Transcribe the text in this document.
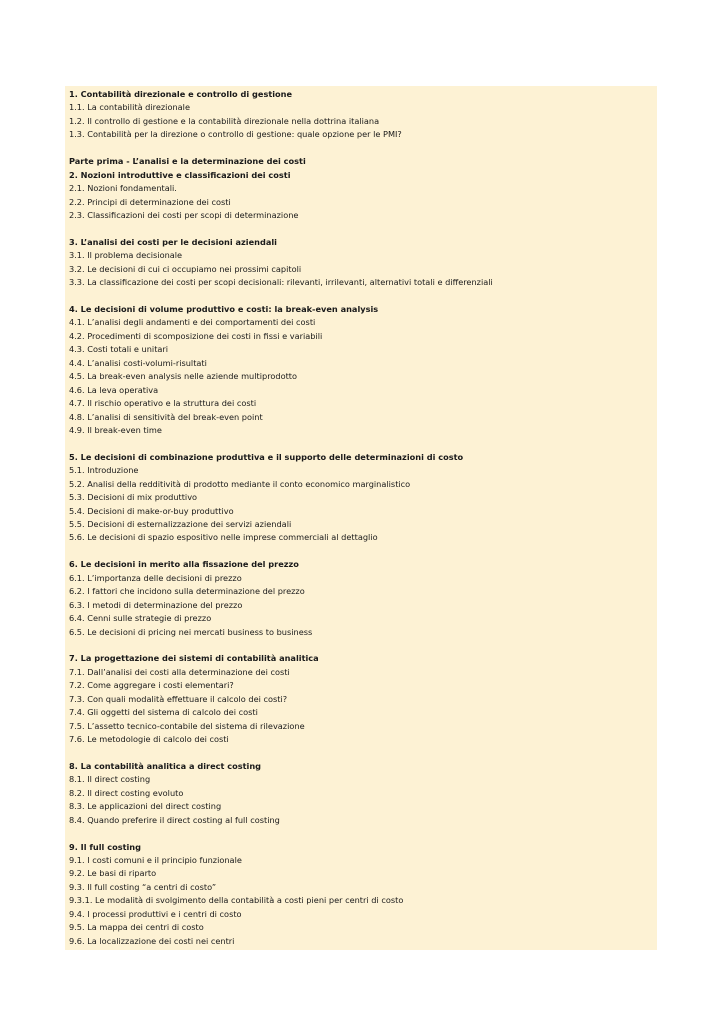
1. Contabilità direzionale e controllo di gestione
1.1. La contabilità direzionale
1.2. Il controllo di gestione e la contabilità direzionale nella dottrina italiana
1.3. Contabilità per la direzione o controllo di gestione: quale opzione per le PMI?
Parte prima - L’analisi e la determinazione dei costi
2. Nozioni introduttive e classificazioni dei costi
2.1. Nozioni fondamentali.
2.2. Principi di determinazione dei costi
2.3. Classificazioni dei costi per scopi di determinazione
3. L’analisi dei costi per le decisioni aziendali
3.1. Il problema decisionale
3.2. Le decisioni di cui ci occupiamo nei prossimi capitoli
3.3. La classificazione dei costi per scopi decisionali: rilevanti, irrilevanti, alternativi totali e differenziali
4. Le decisioni di volume produttivo e costi: la break-even analysis
4.1. L’analisi degli andamenti e dei comportamenti dei costi
4.2. Procedimenti di scomposizione dei costi in fissi e variabili
4.3. Costi totali e unitari
4.4. L’analisi costi-volumi-risultati
4.5. La break-even analysis nelle aziende multiprodotto
4.6. La leva operativa
4.7. Il rischio operativo e la struttura dei costi
4.8. L’analisi di sensitività del break-even point
4.9. Il break-even time
5. Le decisioni di combinazione produttiva e il supporto delle determinazioni di costo
5.1. Introduzione
5.2. Analisi della redditività di prodotto mediante il conto economico marginalistico
5.3. Decisioni di mix produttivo
5.4. Decisioni di make-or-buy produttivo
5.5. Decisioni di esternalizzazione dei servizi aziendali
5.6. Le decisioni di spazio espositivo nelle imprese commerciali al dettaglio
6. Le decisioni in merito alla fissazione del prezzo
6.1. L’importanza delle decisioni di prezzo
6.2. I fattori che incidono sulla determinazione del prezzo
6.3. I metodi di determinazione del prezzo
6.4. Cenni sulle strategie di prezzo
6.5. Le decisioni di pricing nei mercati business to business
7. La progettazione dei sistemi di contabilità analitica
7.1. Dall’analisi dei costi alla determinazione dei costi
7.2. Come aggregare i costi elementari?
7.3. Con quali modalità effettuare il calcolo dei costi?
7.4. Gli oggetti del sistema di calcolo dei costi
7.5. L’assetto tecnico-contabile del sistema di rilevazione
7.6. Le metodologie di calcolo dei costi
8. La contabilità analitica a direct costing
8.1. Il direct costing
8.2. Il direct costing evoluto
8.3. Le applicazioni del direct costing
8.4. Quando preferire il direct costing al full costing
9. Il full costing
9.1. I costi comuni e il principio funzionale
9.2. Le basi di riparto
9.3. Il full costing “a centri di costo”
9.3.1. Le modalità di svolgimento della contabilità a costi pieni per centri di costo
9.4. I processi produttivi e i centri di costo
9.5. La mappa dei centri di costo
9.6. La localizzazione dei costi nei centri
